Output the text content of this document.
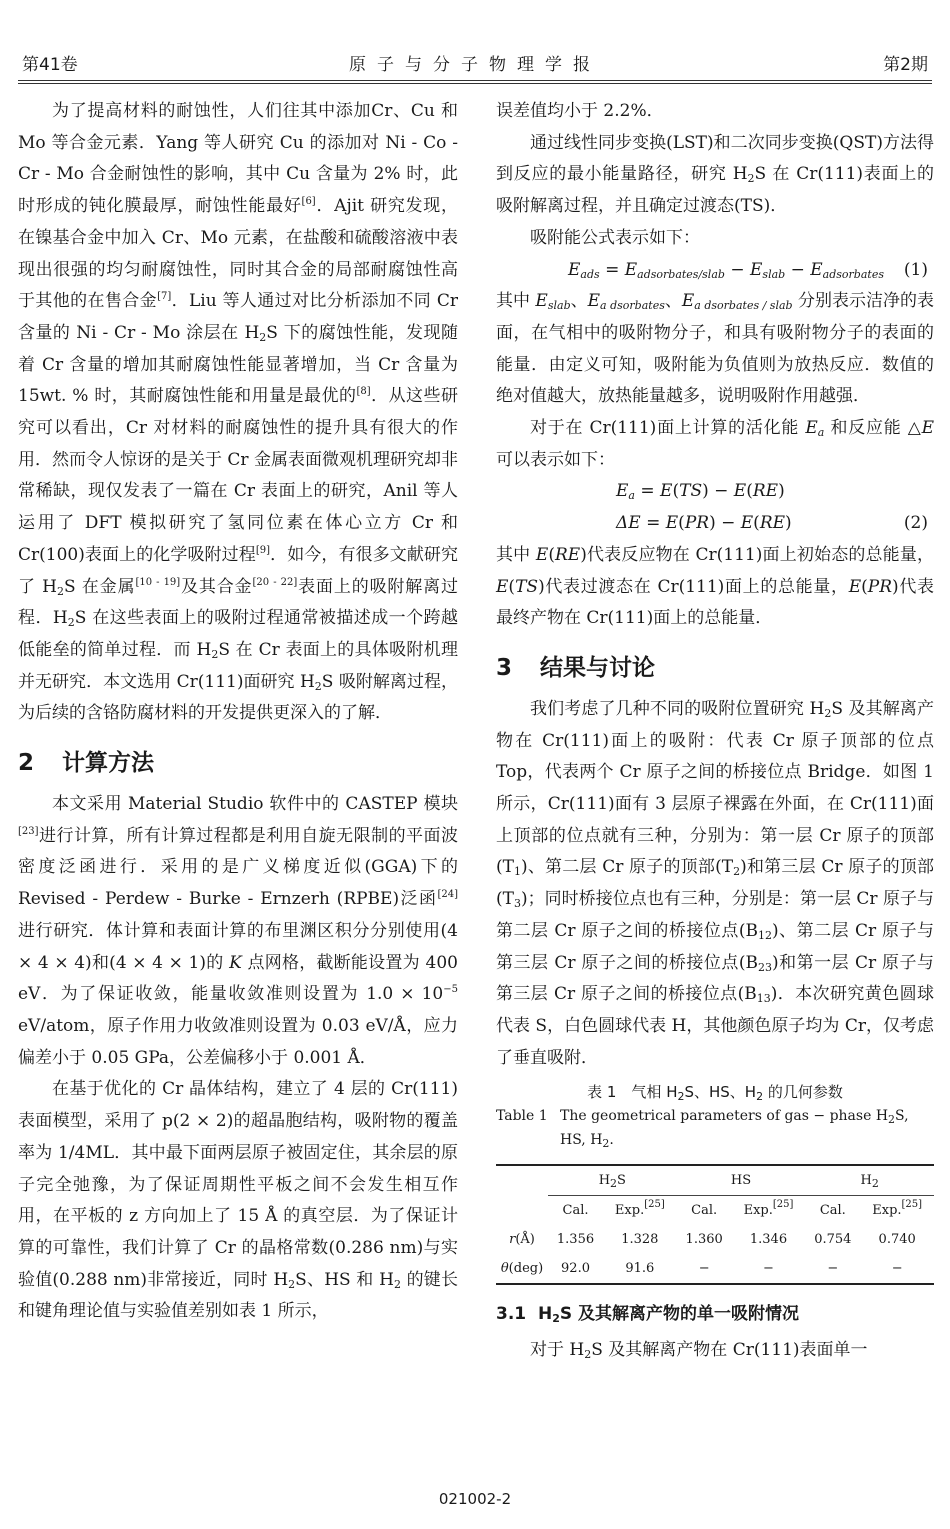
第41卷	原子与分子物理学报	第2期

为了提高材料的耐蚀性，人们往其中添加Cr、Cu 和 Mo 等合金元素．Yang 等人研究 Cu 的添加对 Ni - Co - Cr - Mo 合金耐蚀性的影响，其中 Cu 含量为 2% 时，此时形成的钝化膜最厚，耐蚀性能最好[6]．Ajit 研究发现，在镍基合金中加入 Cr、Mo 元素，在盐酸和硫酸溶液中表现出很强的均匀耐腐蚀性，同时其合金的局部耐腐蚀性高于其他的在售合金[7]．Liu 等人通过对比分析添加不同 Cr 含量的 Ni - Cr - Mo 涂层在 $H_2S$ 下的腐蚀性能，发现随着 Cr 含量的增加其耐腐蚀性能显著增加，当 Cr 含量为 15wt. % 时，其耐腐蚀性能和用量是最优的[8]．从这些研究可以看出，Cr 对材料的耐腐蚀性的提升具有很大的作用．然而令人惊讶的是关于 Cr 金属表面微观机理研究却非常稀缺，现仅发表了一篇在 Cr 表面上的研究，Anil 等人运用了 DFT 模拟研究了氢同位素在体心立方 Cr 和 Cr(100)表面上的化学吸附过程[9]．如今，有很多文献研究了 $H_2S$ 在金属[10 - 19]及其合金[20 - 22]表面上的吸附解离过程．$H_2S$ 在这些表面上的吸附过程通常被描述成一个跨越低能垒的简单过程．而 $H_2S$ 在 Cr 表面上的具体吸附机理并无研究．本文选用 Cr(111)面研究 $H_2S$ 吸附解离过程，为后续的含铬防腐材料的开发提供更深入的了解．

2 计算方法

本文采用 Material Studio 软件中的 CASTEP 模块[23]进行计算，所有计算过程都是利用自旋无限制的平面波密度泛函进行．采用的是广义梯度近似(GGA)下的 Revised - Perdew - Burke - Ernzerh (RPBE)泛函[24]进行研究．体计算和表面计算的布里渊区积分分别使用(4 × 4 × 4)和(4 × 4 × 1)的 K 点网格，截断能设置为 400 eV．为了保证收敛，能量收敛准则设置为 $1.0 \times 10^{-5}$ eV/atom，原子作用力收敛准则设置为 0.03 eV/Å，应力偏差小于 0.05 GPa，公差偏移小于 0.001 Å．

在基于优化的 Cr 晶体结构，建立了 4 层的 Cr(111)表面模型，采用了 p(2 × 2)的超晶胞结构，吸附物的覆盖率为 1/4ML．其中最下面两层原子被固定住，其余层的原子完全弛豫，为了保证周期性平板之间不会发生相互作用，在平板的 z 方向加上了 15 Å 的真空层．为了保证计算的可靠性，我们计算了 Cr 的晶格常数(0.286 nm)与实验值(0.288 nm)非常接近，同时 $H_2S$、HS 和 $H_2$ 的键长和键角理论值与实验值差别如表 1 所示，

误差值均小于 2.2%．

通过线性同步变换(LST)和二次同步变换(QST)方法得到反应的最小能量路径，研究 $H_2S$ 在 Cr(111)表面上的吸附解离过程，并且确定过渡态(TS)．

吸附能公式表示如下：
$E_{ads} = E_{adsorbates/slab} - E_{slab} - E_{adsorbates}$ (1)

其中 $E_{slab}$、$E_{a dsorbates}$、$E_{a dsorbates / slab}$ 分别表示洁净的表面，在气相中的吸附物分子，和具有吸附物分子的表面的能量．由定义可知，吸附能为负值则为放热反应．数值的绝对值越大，放热能量越多，说明吸附作用越强．

对于在 Cr(111)面上计算的活化能 $E_a$ 和反应能 △E 可以表示如下：

$E_a = E(TS) - E(RE)$
ΔE = E(PR) − E(RE)	(2)

其中 E(RE)代表反应物在 Cr(111)面上初始态的总能量，E(TS)代表过渡态在 Cr(111)面上的总能量，E(PR)代表最终产物在 Cr(111)面上的总能量．

3 结果与讨论

我们考虑了几种不同的吸附位置研究 $H_2S$ 及其解离产物在 Cr(111)面上的吸附：代表 Cr 原子顶部的位点 Top，代表两个 Cr 原子之间的桥接位点 Bridge．如图 1 所示，Cr(111)面有 3 层原子裸露在外面，在 Cr(111)面上顶部的位点就有三种，分别为：第一层 Cr 原子的顶部$(T_1)$、第二层 Cr 原子的顶部$(T_2)$和第三层 Cr 原子的顶部$(T_3)$；同时桥接位点也有三种，分别是：第一层 Cr 原子与第二层 Cr 原子之间的桥接位点$(B_{12})$、第二层 Cr 原子与第三层 Cr 原子之间的桥接位点$(B_{23})$和第一层 Cr 原子与第三层 Cr 原子之间的桥接位点$(B_{13})$．本次研究黄色圆球代表 S，白色圆球代表 H，其他颜色原子均为 Cr，仅考虑了垂直吸附．

表 1　气相 $H_2S$、HS、$H_2$ 的几何参数
Table 1 The geometrical parameters of gas − phase $H_2S$, HS, $H_2$.
	$H_2S$		HS		$H_2$
	Cal.	Exp.[25]	Cal.	Exp.[25]	Cal.	Exp.[25]
r(Å)	1.356	1.328	1.360	1.346	0.754	0.740
θ(deg)	92.0	91.6	−	−	−	−
3.1 $H_2S$ 及其解离产物的单一吸附情况

对于 $H_2S$ 及其解离产物在 Cr(111)表面单一

021002-2
